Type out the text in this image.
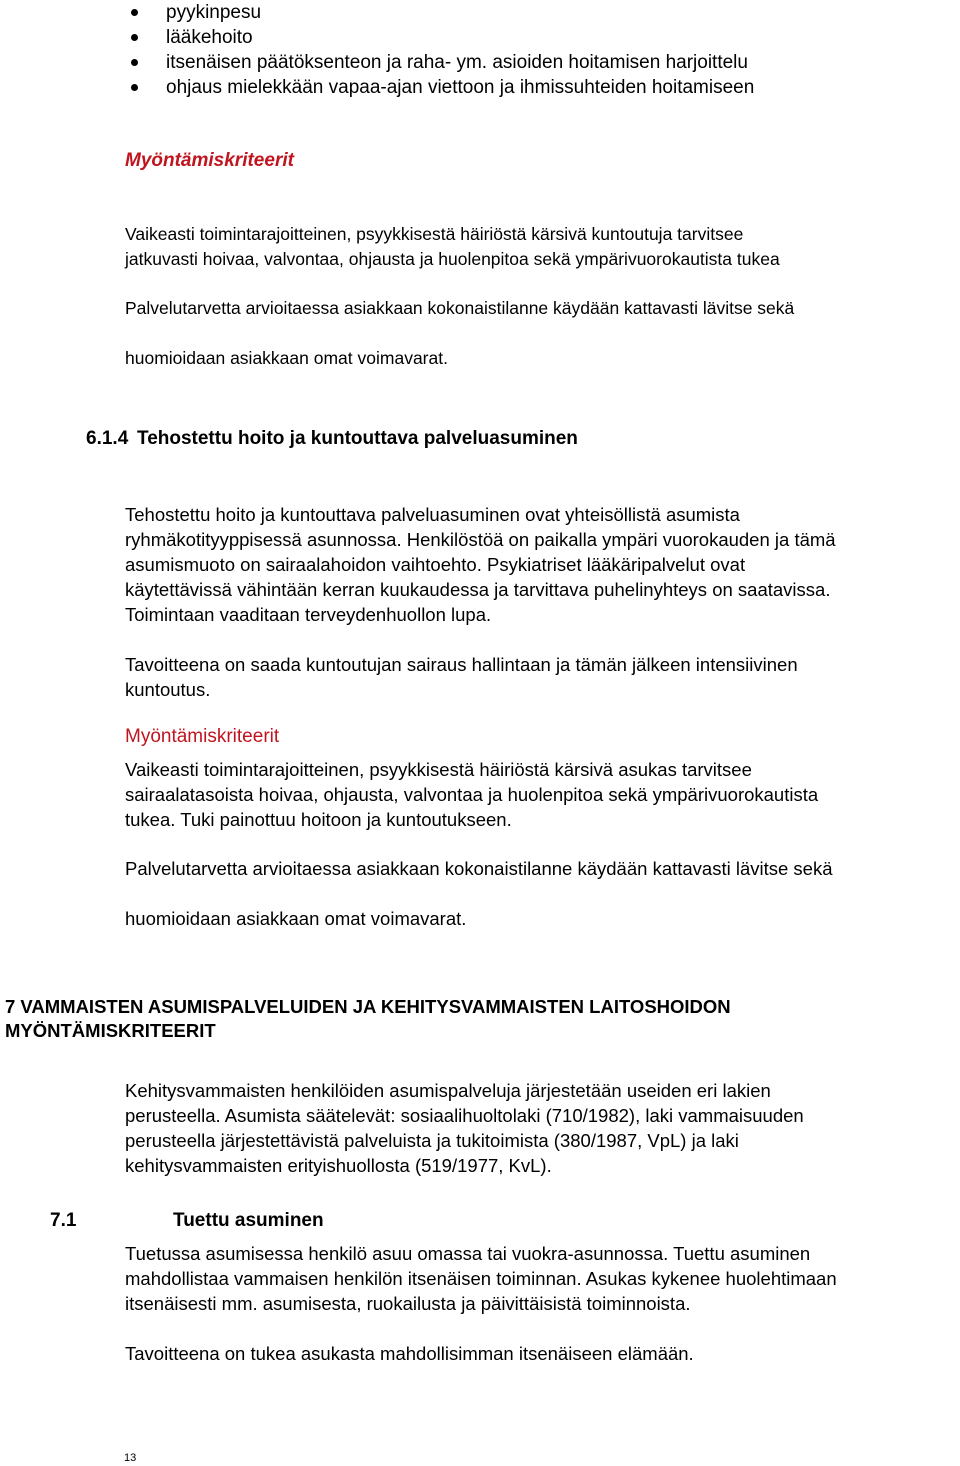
pyykinpesu
lääkehoito
itsenäisen päätöksenteon ja raha- ym. asioiden hoitamisen harjoittelu
ohjaus mielekkään vapaa-ajan viettoon ja ihmissuhteiden hoitamiseen
Myöntämiskriteerit
Vaikeasti toimintarajoitteinen, psyykkisestä häiriöstä kärsivä kuntoutuja tarvitsee
jatkuvasti hoivaa, valvontaa, ohjausta ja huolenpitoa sekä ympärivuorokautista tukea
Palvelutarvetta arvioitaessa asiakkaan kokonaistilanne käydään kattavasti lävitse sekä
huomioidaan asiakkaan omat voimavarat.
6.1.4 Tehostettu hoito ja kuntouttava palveluasuminen
Tehostettu hoito ja kuntouttava palveluasuminen ovat yhteisöllistä asumista
ryhmäkotityyppisessä asunnossa. Henkilöstöä on paikalla ympäri vuorokauden ja tämä
asumismuoto on sairaalahoidon vaihtoehto. Psykiatriset lääkäripalvelut ovat
käytettävissä vähintään kerran kuukaudessa ja tarvittava puhelinyhteys on saatavissa.
Toimintaan vaaditaan terveydenhuollon lupa.
Tavoitteena on saada kuntoutujan sairaus hallintaan ja tämän jälkeen intensiivinen
kuntoutus.
Myöntämiskriteerit
Vaikeasti toimintarajoitteinen, psyykkisestä häiriöstä kärsivä asukas tarvitsee
sairaalatasoista hoivaa, ohjausta, valvontaa ja huolenpitoa sekä ympärivuorokautista
tukea. Tuki painottuu hoitoon ja kuntoutukseen.
Palvelutarvetta arvioitaessa asiakkaan kokonaistilanne käydään kattavasti lävitse sekä
huomioidaan asiakkaan omat voimavarat.
7 VAMMAISTEN ASUMISPALVELUIDEN JA KEHITYSVAMMAISTEN LAITOSHOIDON
MYÖNTÄMISKRITEERIT
Kehitysvammaisten henkilöiden asumispalveluja järjestetään useiden eri lakien
perusteella. Asumista säätelevät: sosiaalihuoltolaki (710/1982), laki vammaisuuden
perusteella järjestettävistä palveluista ja tukitoimista (380/1987, VpL) ja laki
kehitysvammaisten erityishuollosta (519/1977, KvL).
7.1	Tuettu asuminen
Tuetussa asumisessa henkilö asuu omassa tai vuokra-asunnossa. Tuettu asuminen
mahdollistaa vammaisen henkilön itsenäisen toiminnan. Asukas kykenee huolehtimaan
itsenäisesti mm. asumisesta, ruokailusta ja päivittäisistä toiminnoista.
Tavoitteena on tukea asukasta mahdollisimman itsenäiseen elämään.
13
